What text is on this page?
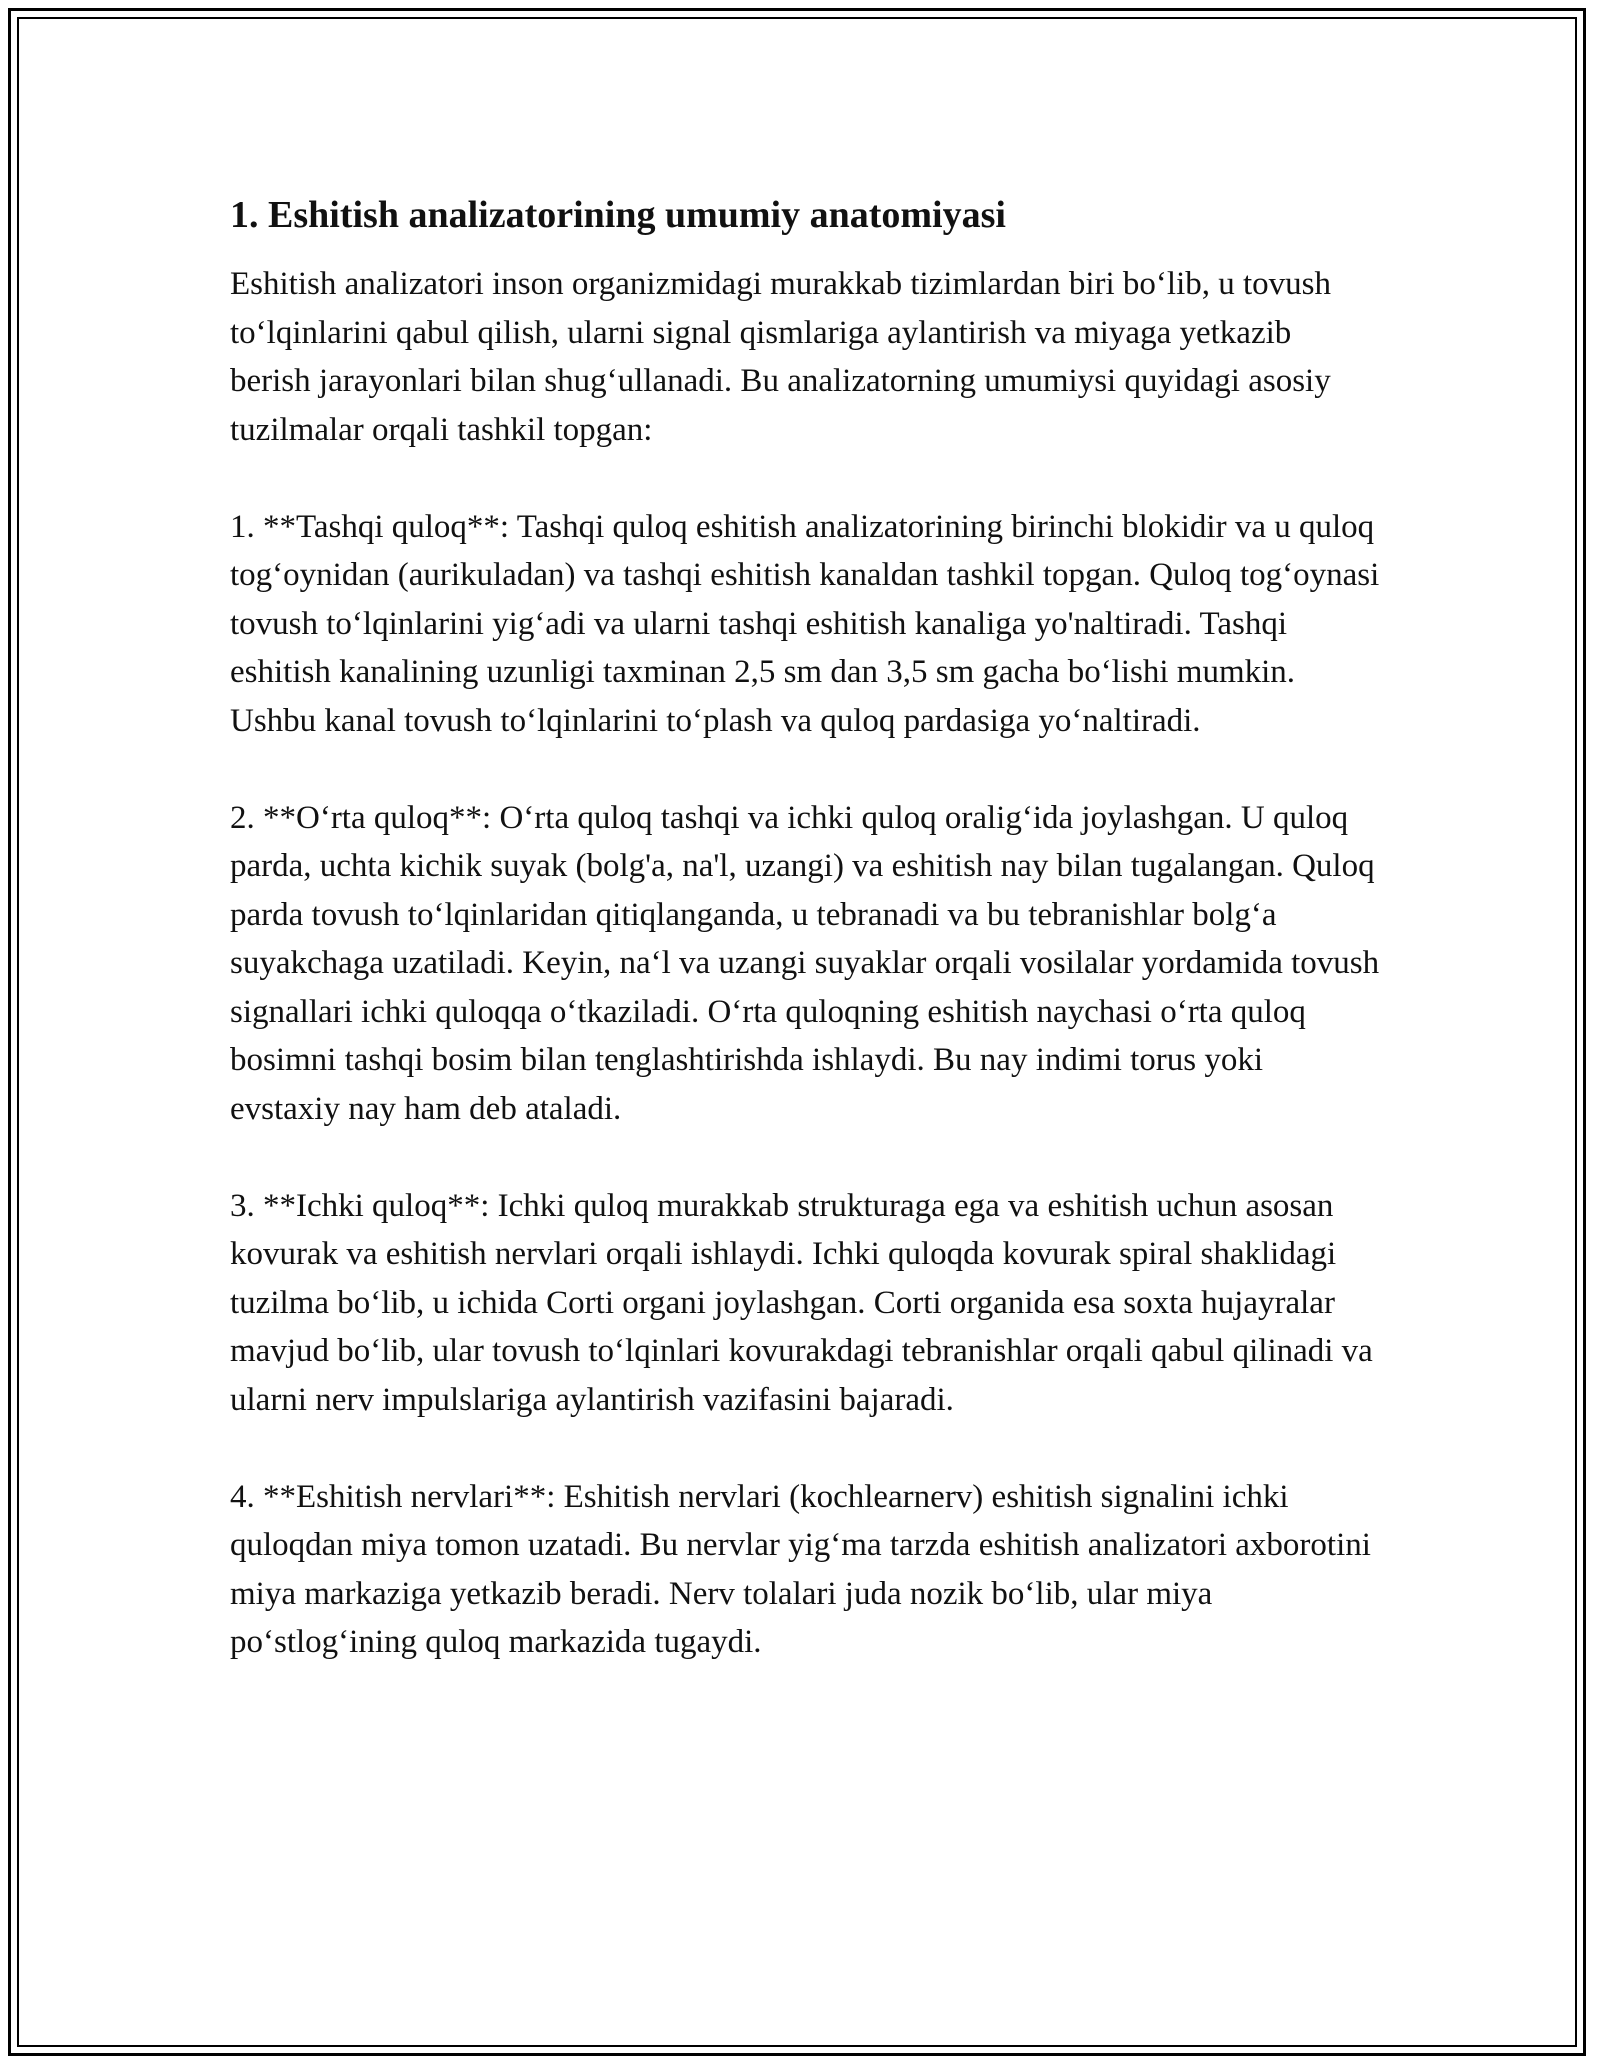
1. Eshitish analizatorining umumiy anatomiyasi

Eshitish analizatori inson organizmidagi murakkab tizimlardan biri bo‘lib, u tovush to‘lqinlarini qabul qilish, ularni signal qismlariga aylantirish va miyaga yetkazib berish jarayonlari bilan shug‘ullanadi. Bu analizatorning umumiysi quyidagi asosiy tuzilmalar orqali tashkil topgan:

1. **Tashqi quloq**: Tashqi quloq eshitish analizatorining birinchi blokidir va u quloq tog‘oynidan (aurikuladan) va tashqi eshitish kanaldan tashkil topgan. Quloq tog‘oynasi tovush to‘lqinlarini yig‘adi va ularni tashqi eshitish kanaliga yo'naltiradi. Tashqi eshitish kanalining uzunligi taxminan 2,5 sm dan 3,5 sm gacha bo‘lishi mumkin. Ushbu kanal tovush to‘lqinlarini to‘plash va quloq pardasiga yo‘naltiradi.

2. **O‘rta quloq**: O‘rta quloq tashqi va ichki quloq oralig‘ida joylashgan. U quloq parda, uchta kichik suyak (bolg'a, na'l, uzangi) va eshitish nay bilan tugalangan. Quloq parda tovush to‘lqinlaridan qitiqlanganda, u tebranadi va bu tebranishlar bolg‘a suyakchaga uzatiladi. Keyin, na‘l va uzangi suyaklar orqali vosilalar yordamida tovush signallari ichki quloqqa o‘tkaziladi. O‘rta quloqning eshitish naychasi o‘rta quloq bosimni tashqi bosim bilan tenglashtirishda ishlaydi. Bu nay indimi torus yoki evstaxiy nay ham deb ataladi.

3. **Ichki quloq**: Ichki quloq murakkab strukturaga ega va eshitish uchun asosan kovurak va eshitish nervlari orqali ishlaydi. Ichki quloqda kovurak spiral shaklidagi tuzilma bo‘lib, u ichida Corti organi joylashgan. Corti organida esa soxta hujayralar mavjud bo‘lib, ular tovush to‘lqinlari kovurakdagi tebranishlar orqali qabul qilinadi va ularni nerv impulslariga aylantirish vazifasini bajaradi.

4. **Eshitish nervlari**: Eshitish nervlari (kochlearnerv) eshitish signalini ichki quloqdan miya tomon uzatadi. Bu nervlar yig‘ma tarzda eshitish analizatori axborotini miya markaziga yetkazib beradi. Nerv tolalari juda nozik bo‘lib, ular miya po‘stlog‘ining quloq markazida tugaydi.
